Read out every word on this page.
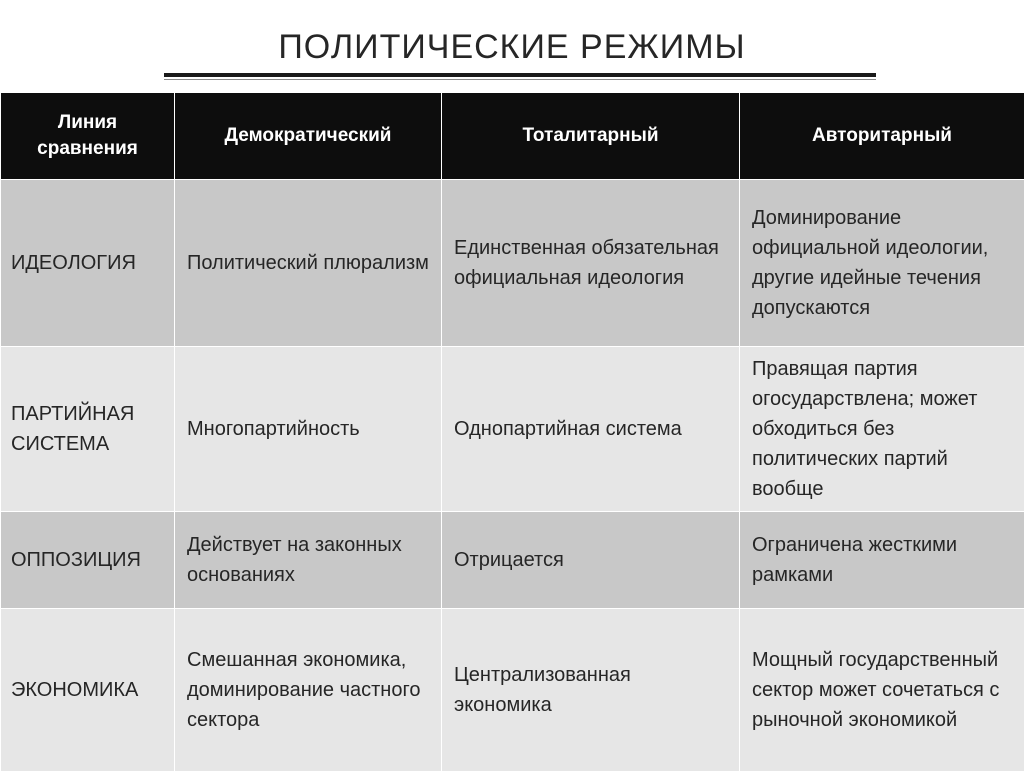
ПОЛИТИЧЕСКИЕ РЕЖИМЫ
Линия сравнения	Демократический	Тоталитарный	Авторитарный
ИДЕОЛОГИЯ	Политический плюрализм	Единственная обязательная официальная идеология	Доминирование официальной идеологии, другие идейные течения допускаются
ПАРТИЙНАЯ СИСТЕМА	Многопартийность	Однопартийная система	Правящая партия огосударствлена; может обходиться без политических партий вообще
ОППОЗИЦИЯ	Действует на законных основаниях	Отрицается	Ограничена жесткими рамками
ЭКОНОМИКА	Смешанная экономика, доминирование частного сектора	Централизованная экономика	Мощный государственный сектор может сочетаться с рыночной экономикой
